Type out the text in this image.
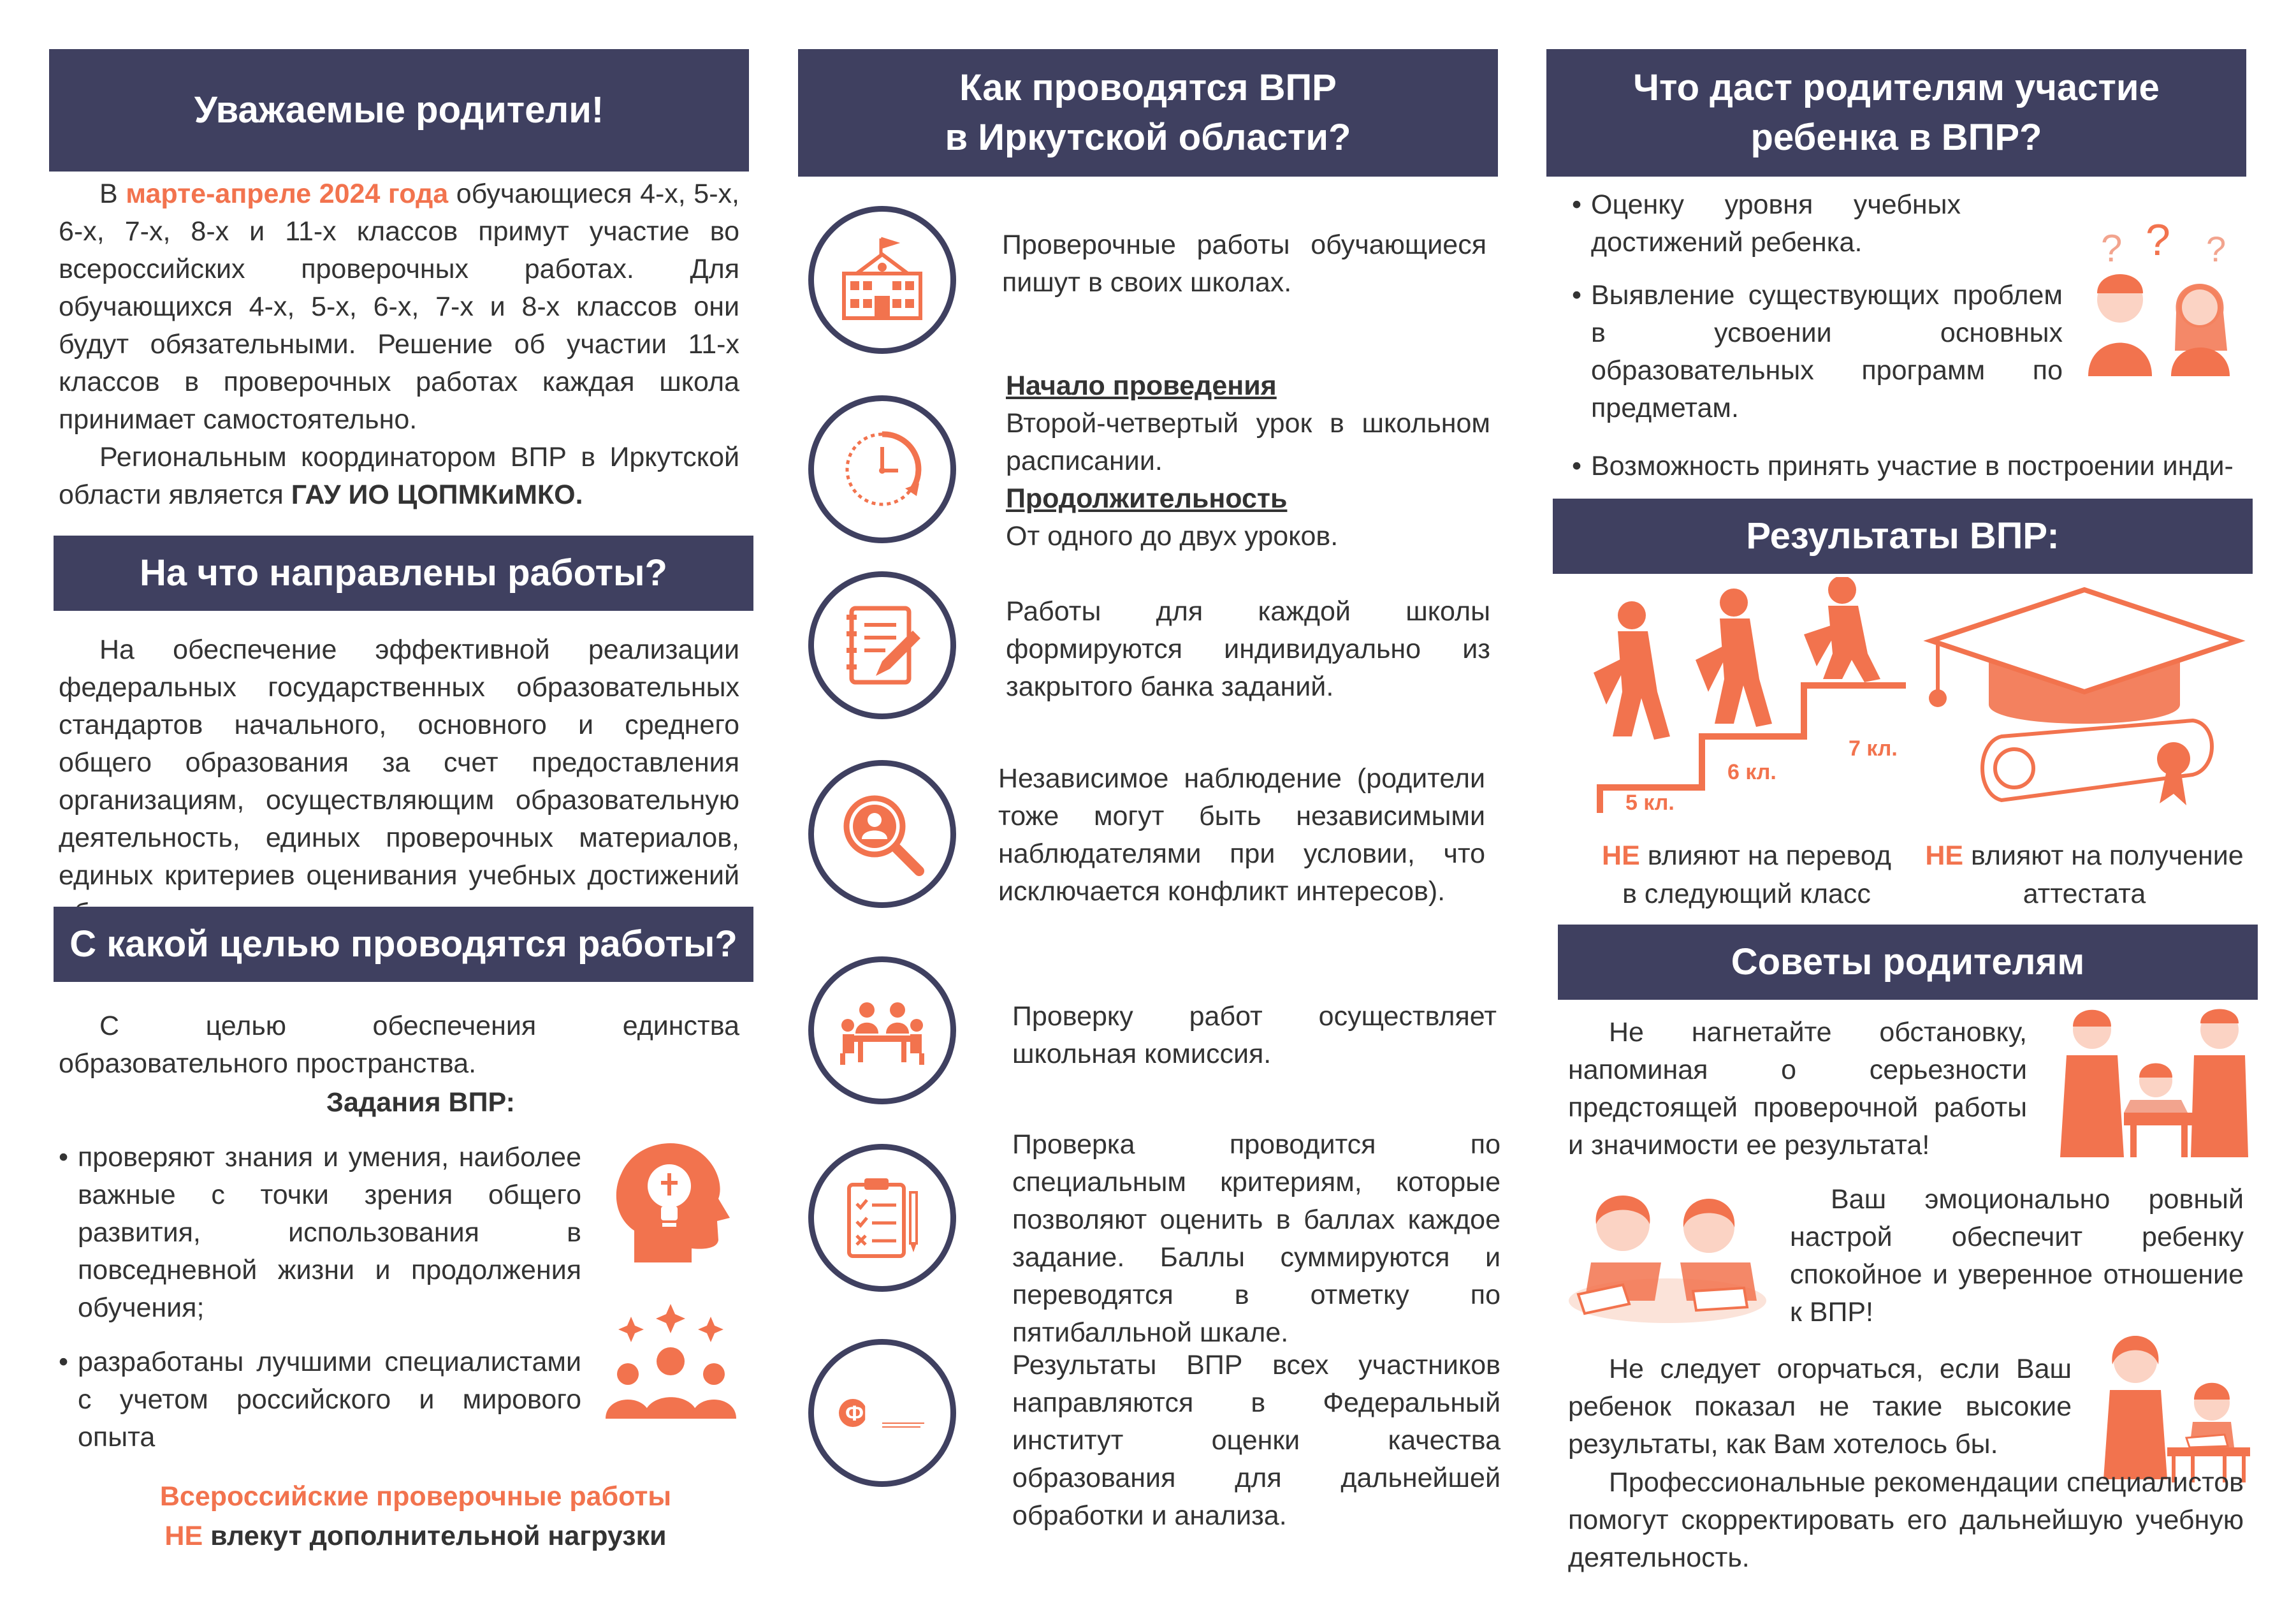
Уважаемые родители!

В марте-апреле 2024 года обучающиеся 4-х, 5-х, 6-х, 7-х, 8-х и 11-х классов примут участие во всероссийских проверочных работах. Для обучающихся 4-х, 5-х, 6-х, 7-х и 8-х классов они будут обязательными. Решение об участии 11-х классов в проверочных работах каждая школа принимает самостоятельно.

Региональным координатором ВПР в Иркутской области является ГАУ ИО ЦОПМКиМКО.

На что направлены работы?

На обеспечение эффективной реализации федеральных государственных образовательных стандартов начального, основного и среднего общего образования за счет предоставления организациям, осуществляющим образовательную деятельность, единых проверочных материалов, единых критериев оценивания учебных достижений

С какой целью проводятся работы?

С целью обеспечения единства образовательного пространства.

Задания ВПР:
• проверяют знания и умения, наиболее важные с точки зрения общего развития, использования в повседневной жизни и продолжения обучения;
• разработаны лучшими специалистами с учетом российского и мирового опыта
Всероссийские проверочные работы
НЕ влекут дополнительной нагрузки
Как проводятся ВПР
в Иркутской области?
Проверочные работы обучающиеся пишут в своих школах.

Начало проведения

Второй-четвертый урок в школьном расписании.

Продолжительность

От одного до двух уроков.

Работы для каждой школы формируются индивидуально из закрытого банка заданий.
Независимое наблюдение (родители тоже могут быть независимыми наблюдателями при условии, что исключается конфликт интересов).
Проверку работ осуществляет школьная комиссия.
Проверка проводится по специальным критериям, которые позволяют оценить в баллах каждое задание. Баллы суммируются и переводятся в отметку по пятибалльной шкале.
ФИОКО
Результаты ВПР всех участников направляются в Федеральный институт оценки качества образования для дальнейшей обработки и анализа.
Что даст родителям участие
ребенка в ВПР?
• Оценку уровня учебных достижений ребенка.
• Выявление существующих проблем в усвоении основных образовательных программ по предметам.
• Возможность принять участие в построении инди-
? ? ?
Результаты ВПР:
5 кл.
6 кл.
7 кл.
НЕ влияют на перевод
в следующий класс
НЕ влияют на получение
аттестата
Советы родителям

Не нагнетайте обстановку, напоминая о серьезности предстоящей проверочной работы и значимости ее результата!

Ваш эмоционально ровный настрой обеспечит ребенку спокойное и уверенное отношение к ВПР!

Не следует огорчаться, если Ваш ребенок показал не такие высокие результаты, как Вам хотелось бы.

Профессиональные рекомендации специалистов помогут скорректировать его дальнейшую учебную деятельность.
